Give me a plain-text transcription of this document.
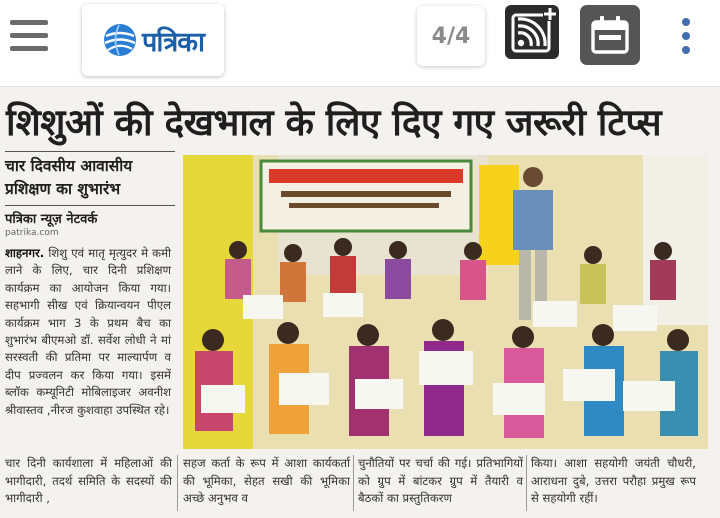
पत्रिका	4/4
शिशुओं की देखभाल के लिए दिए गए जरूरी टिप्स
चार दिवसीय आवासीय प्रशिक्षण का शुभारंभ
पत्रिका न्यूज़ नेटवर्क
patrika.com
शाहनगर. शिशु एवं मातृ मृत्युदर मे कमी लाने के लिए, चार दिनी प्रशिक्षण कार्यक्रम का आयोजन किया गया। सहभागी सीख एवं क्रियान्वयन पीएल कार्यक्रम भाग 3 के प्रथम बैच का शुभारंभ बीएमओ डॉ. सर्वेश लोधी ने मां सरस्वती की प्रतिमा पर माल्यार्पण व दीप प्रज्वलन कर किया गया। इसमें ब्लॉक कम्यूनिटी मोबिलाइजर अवनीश श्रीवास्तव ,नीरज कुशवाहा उपस्थित रहे।
चार दिनी कार्यशाला में महिलाओं की भागीदारी, तदर्थ समिति के सदस्यों की भागीदारी ,
सहज कर्ता के रूप में आशा कार्यकर्ता की भूमिका, सेहत सखी की भूमिका अच्छे अनुभव व
चुनौतियों पर चर्चा की गई। प्रतिभागियों को ग्रुप में बांटकर ग्रुप में तैयारी व बैठकों का प्रस्तुतिकरण
किया। आशा सहयोगी जयंती चौधरी, आराधना दुबे, उत्तरा परौहा प्रमुख रूप से सहयोगी रहीं।
